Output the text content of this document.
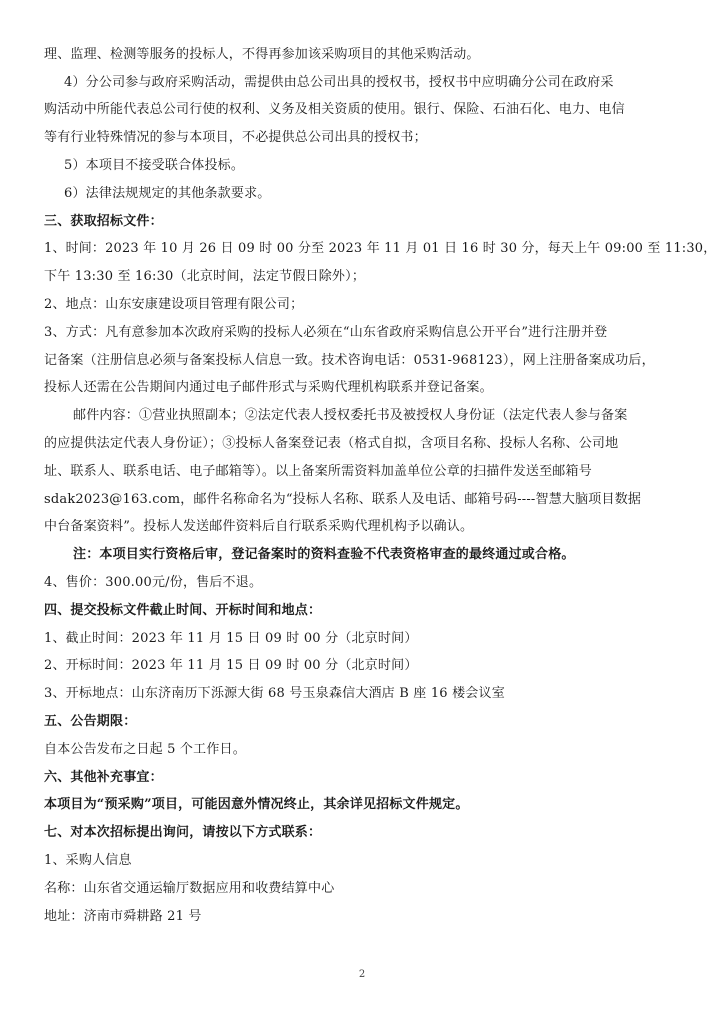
理、监理、检测等服务的投标人，不得再参加该采购项目的其他采购活动。
4）分公司参与政府采购活动，需提供由总公司出具的授权书，授权书中应明确分公司在政府采
购活动中所能代表总公司行使的权利、义务及相关资质的使用。银行、保险、石油石化、电力、电信
等有行业特殊情况的参与本项目，不必提供总公司出具的授权书；
5）本项目不接受联合体投标。
6）法律法规规定的其他条款要求。
三、获取招标文件：
1、时间：2023 年 10 月 26 日 09 时 00 分至 2023 年 11 月 01 日 16 时 30 分，每天上午 09:00 至 11:30，
下午 13:30 至 16:30（北京时间，法定节假日除外）；
2、地点：山东安康建设项目管理有限公司；
3、方式：凡有意参加本次政府采购的投标人必须在“山东省政府采购信息公开平台”进行注册并登
记备案（注册信息必须与备案投标人信息一致。技术咨询电话：0531-968123），网上注册备案成功后，
投标人还需在公告期间内通过电子邮件形式与采购代理机构联系并登记备案。
邮件内容：①营业执照副本；②法定代表人授权委托书及被授权人身份证（法定代表人参与备案
的应提供法定代表人身份证）；③投标人备案登记表（格式自拟，含项目名称、投标人名称、公司地
址、联系人、联系电话、电子邮箱等）。以上备案所需资料加盖单位公章的扫描件发送至邮箱号
sdak2023@163.com，邮件名称命名为“投标人名称、联系人及电话、邮箱号码----智慧大脑项目数据
中台备案资料”。投标人发送邮件资料后自行联系采购代理机构予以确认。
注：本项目实行资格后审，登记备案时的资料查验不代表资格审查的最终通过或合格。
4、售价：300.00元/份，售后不退。
四、提交投标文件截止时间、开标时间和地点：
1、截止时间：2023 年 11 月 15 日 09 时 00 分（北京时间）
2、开标时间：2023 年 11 月 15 日 09 时 00 分（北京时间）
3、开标地点：山东济南历下泺源大街 68 号玉泉森信大酒店 B 座 16 楼会议室
五、公告期限：
自本公告发布之日起 5 个工作日。
六、其他补充事宜：
本项目为“预采购”项目，可能因意外情况终止，其余详见招标文件规定。
七、对本次招标提出询问，请按以下方式联系：
1、采购人信息
名称：山东省交通运输厅数据应用和收费结算中心
地址：济南市舜耕路 21 号
2
